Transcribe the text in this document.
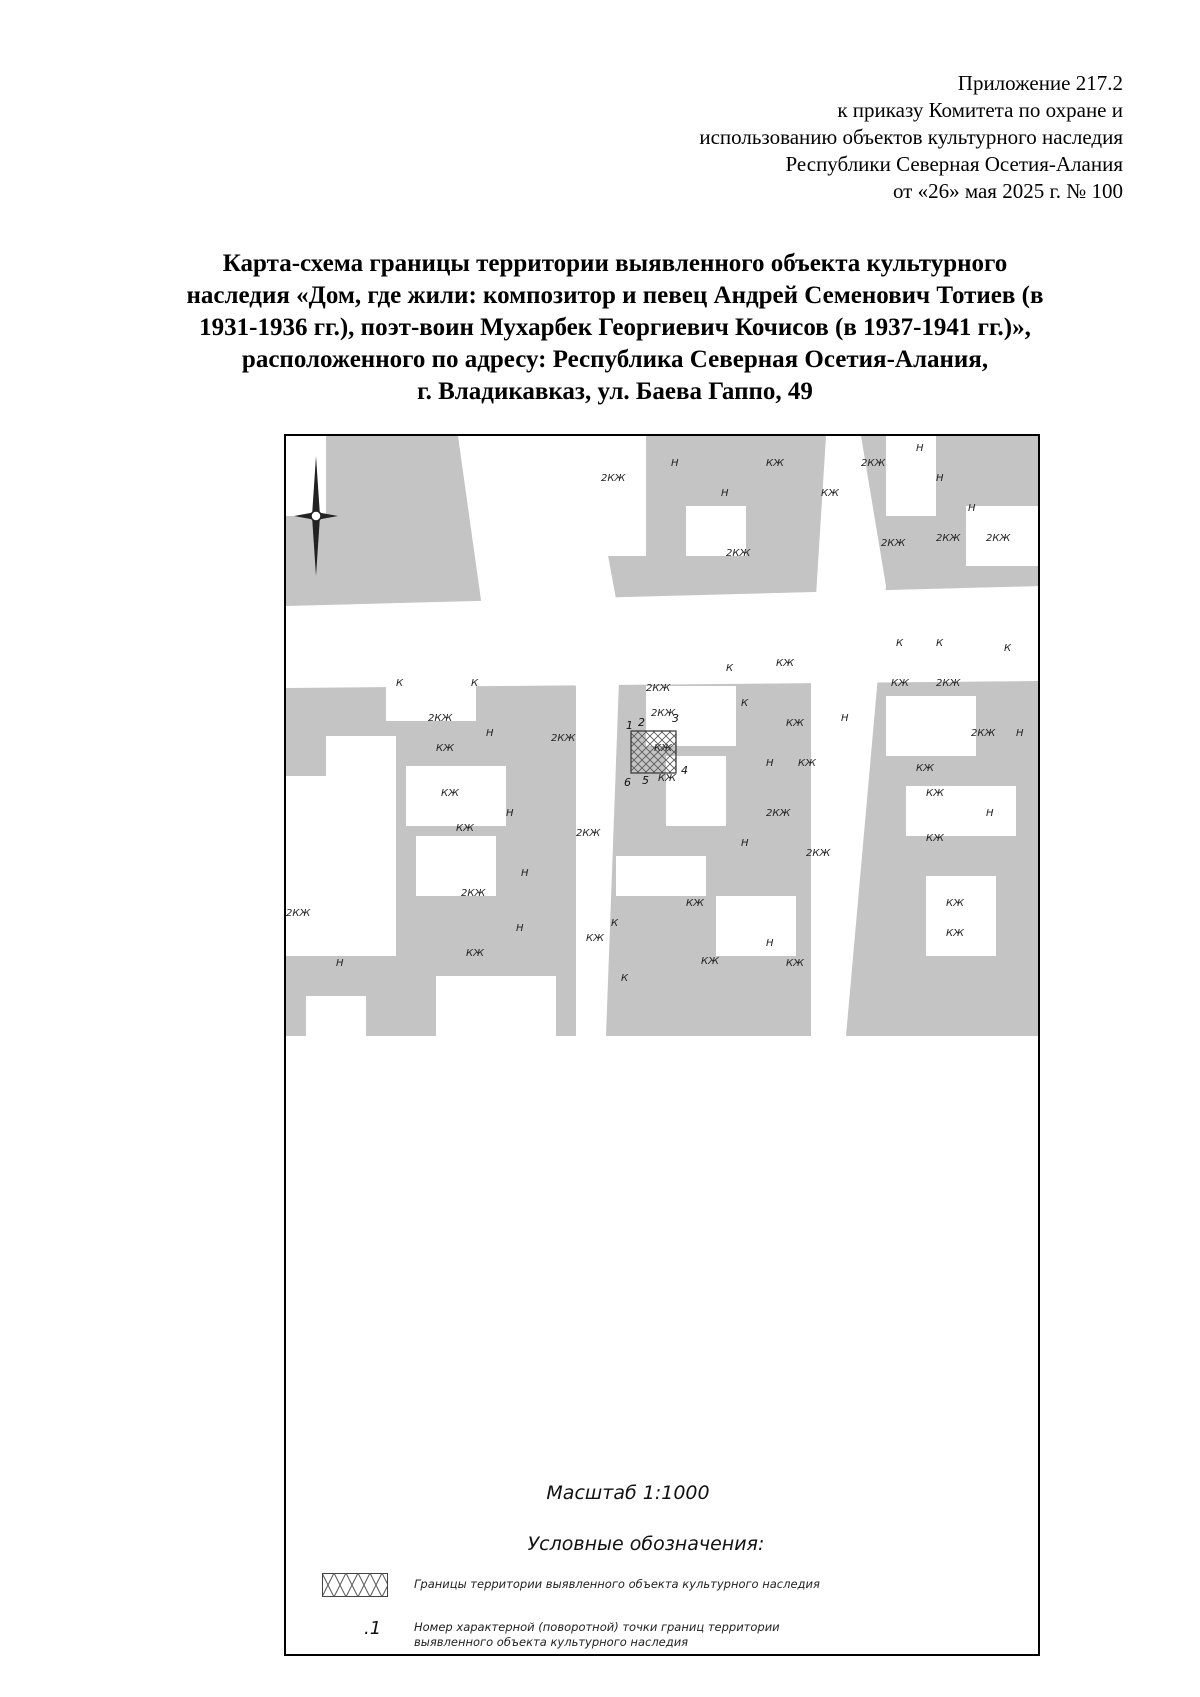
Приложение 217.2
к приказу Комитета по охране и
использованию объектов культурного наследия
Республики Северная Осетия-Алания
от «26» мая 2025 г. № 100
Карта-схема границы территории выявленного объекта культурного
наследия «Дом, где жили: композитор и певец Андрей Семенович Тотиев (в
1931-1936 гг.), поэт-воин Мухарбек Георгиевич Кочисов (в 1937-1941 гг.)»,
расположенного по адресу: Республика Северная Осетия-Алания,
г. Владикавказ, ул. Баева Гаппо, 49
1 2 3
4
5
6
2КЖ
2КЖ
2КЖ
2КЖ	2КЖ	2КЖ
2КЖ
2КЖ
2КЖ
2КЖ
2КЖ
2КЖ
2КЖ
2КЖ
2КЖ
2КЖ
2КЖ
КЖ
КЖ
КЖ
КЖ
КЖ
КЖ
КЖ
КЖ
КЖ
КЖ
КЖ
КЖ	КЖ
КЖ
КЖ
КЖ
КЖ
КЖ
КЖ
КЖ
КЖ
К	К
К
К
К	К	К
К
К
Н
Н
Н
Н
Н
Н
Н
Н
Н
Н
Н
Н
Н
Н
Н
Н
Масштаб 1:1000
Условные обозначения:
Границы территории выявленного объекта культурного наследия
.1	Номер характерной (поворотной) точки границ территории
выявленного объекта культурного наследия
